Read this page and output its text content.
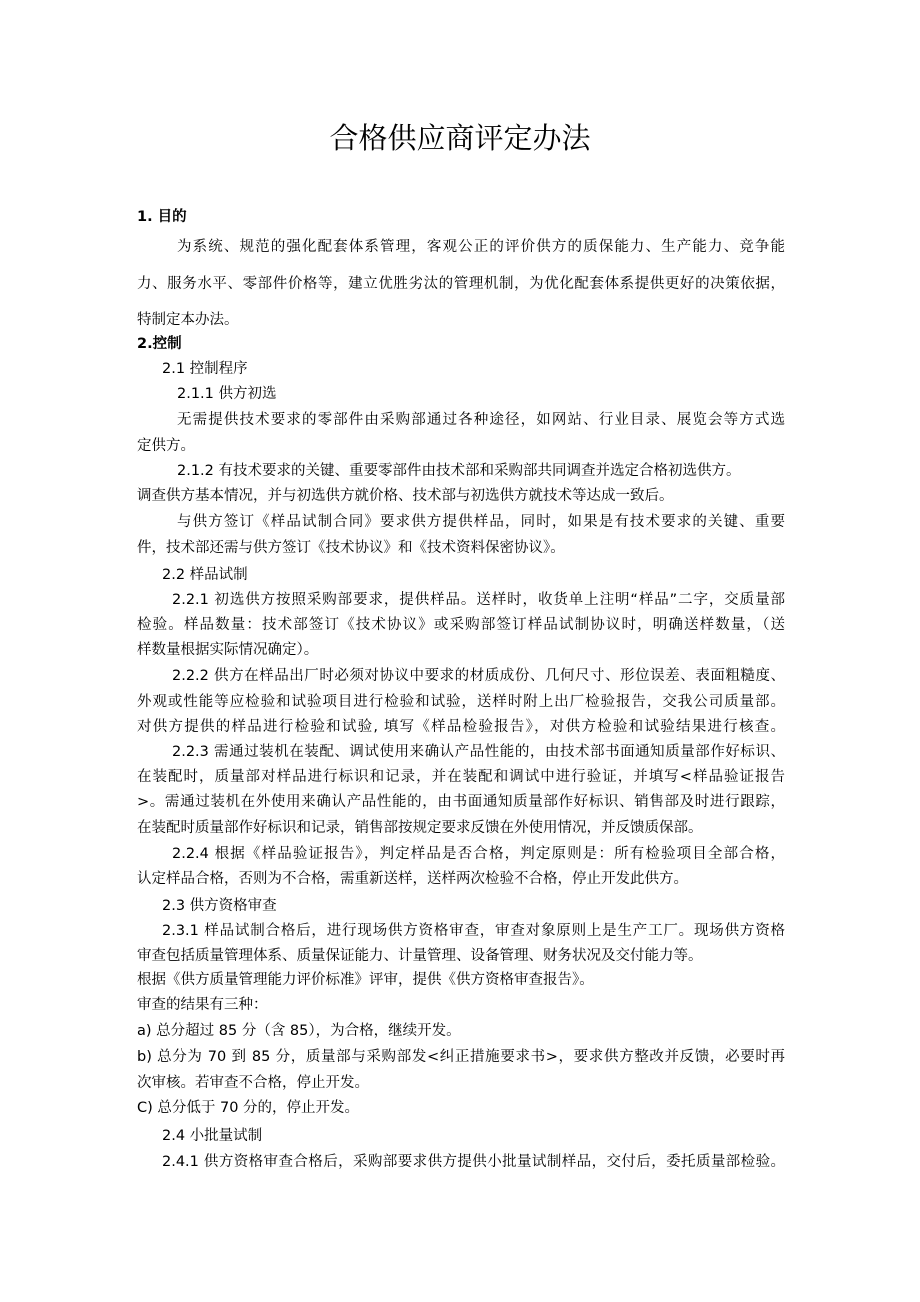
合格供应商评定办法
1. 目的
为系统、规范的强化配套体系管理，客观公正的评价供方的质保能力、生产能力、竞争能
力、服务水平、零部件价格等，建立优胜劣汰的管理机制，为优化配套体系提供更好的决策依据，
特制定本办法。
2.控制
2.1 控制程序
2.1.1 供方初选
无需提供技术要求的零部件由采购部通过各种途径，如网站、行业目录、展览会等方式选
定供方。
2.1.2 有技术要求的关键、重要零部件由技术部和采购部共同调查并选定合格初选供方。
调查供方基本情况，并与初选供方就价格、技术部与初选供方就技术等达成一致后。
与供方签订《样品试制合同》要求供方提供样品，同时，如果是有技术要求的关键、重要
件，技术部还需与供方签订《技术协议》和《技术资料保密协议》。
2.2 样品试制
2.2.1 初选供方按照采购部要求，提供样品。送样时，收货单上注明“样品”二字，交质量部
检验。样品数量：技术部签订《技术协议》或采购部签订样品试制协议时，明确送样数量，（送
样数量根据实际情况确定）。
2.2.2 供方在样品出厂时必须对协议中要求的材质成份、几何尺寸、形位误差、表面粗糙度、
外观或性能等应检验和试验项目进行检验和试验，送样时附上出厂检验报告，交我公司质量部。
对供方提供的样品进行检验和试验, 填写《样品检验报告》，对供方检验和试验结果进行核查。
2.2.3 需通过装机在装配、调试使用来确认产品性能的，由技术部书面通知质量部作好标识、
在装配时，质量部对样品进行标识和记录，并在装配和调试中进行验证，并填写<样品验证报告
>。需通过装机在外使用来确认产品性能的，由书面通知质量部作好标识、销售部及时进行跟踪，
在装配时质量部作好标识和记录，销售部按规定要求反馈在外使用情况，并反馈质保部。
2.2.4 根据《样品验证报告》，判定样品是否合格，判定原则是：所有检验项目全部合格，
认定样品合格，否则为不合格，需重新送样，送样两次检验不合格，停止开发此供方。
2.3 供方资格审查
2.3.1 样品试制合格后，进行现场供方资格审查，审查对象原则上是生产工厂。现场供方资格
审查包括质量管理体系、质量保证能力、计量管理、设备管理、财务状况及交付能力等。
根据《供方质量管理能力评价标准》评审，提供《供方资格审查报告》。
审查的结果有三种：
a) 总分超过 85 分（含 85），为合格，继续开发。
b) 总分为 70 到 85 分，质量部与采购部发<纠正措施要求书>，要求供方整改并反馈，必要时再
次审核。若审查不合格，停止开发。
C) 总分低于 70 分的，停止开发。
2.4 小批量试制
2.4.1 供方资格审查合格后，采购部要求供方提供小批量试制样品，交付后，委托质量部检验。
